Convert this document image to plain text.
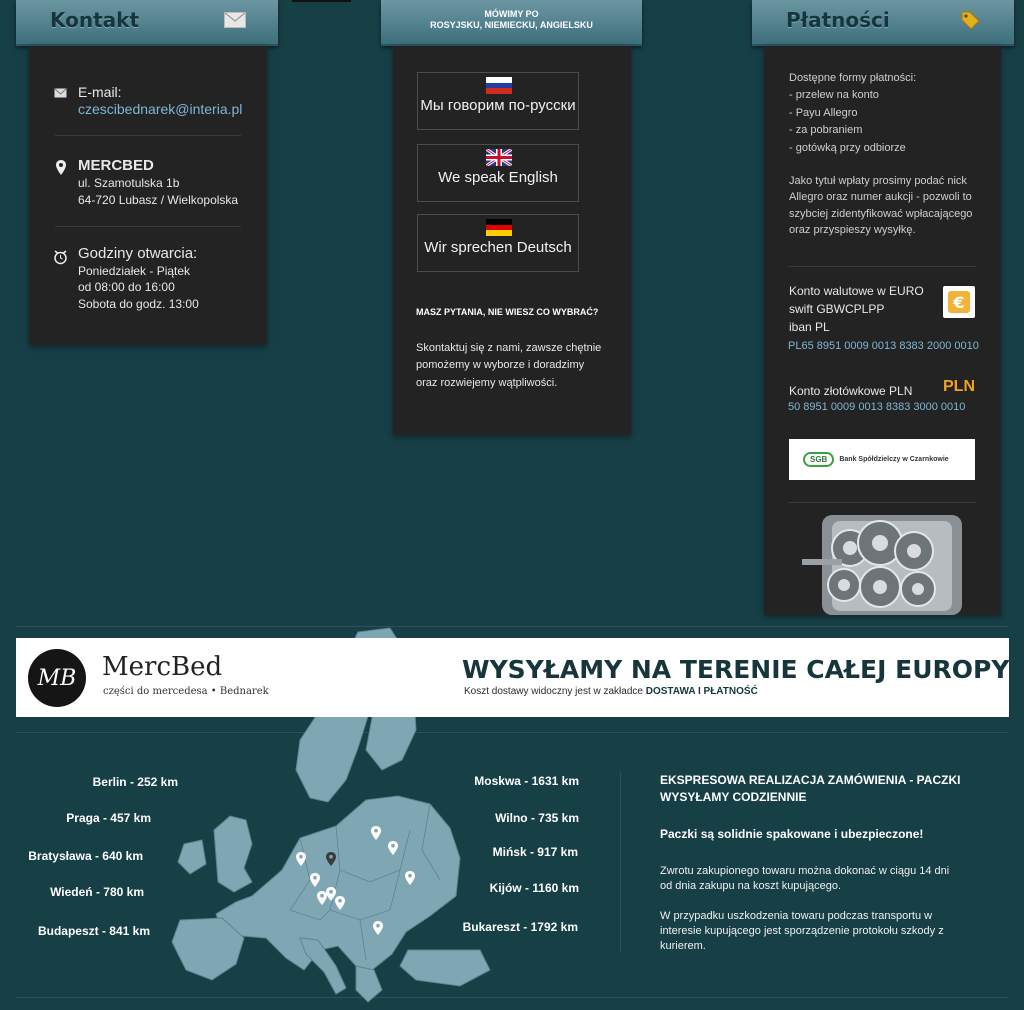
Kontakt
E-mail:
czescibednarek@interia.pl
MERCBED
ul. Szamotulska 1b
64-720 Lubasz / Wielkopolska
Godziny otwarcia:
Poniedziałek - Piątek
od 08:00 do 16:00
Sobota do godz. 13:00
MÓWIMY PO
ROSYJSKU, NIEMIECKU, ANGIELSKU
Мы говорим по-русски
We speak English
Wir sprechen Deutsch
MASZ PYTANIA, NIE WIESZ CO WYBRAĆ?
Skontaktuj się z nami, zawsze chętnie
pomożemy w wyborze i doradzimy
oraz rozwiejemy wątpliwości.
Płatności
Dostępne formy płatności:
- przelew na konto
- Payu Allegro
- za pobraniem
- gotówką przy odbiorze
Jako tytuł wpłaty prosimy podać nick
Allegro oraz numer aukcji - pozwoli to
szybciej zidentyfikować wpłacającego
oraz przyspieszy wysyłkę.
Konto walutowe w EURO
swift GBWCPLPP
iban PL
PL65 8951 0009 0013 8383 2000 0010
€
Konto złotówkowe PLN PLN
50 8951 0009 0013 8383 3000 0010
SGB	Bank Spółdzielczy w Czarnkowie
MB MercBed
części do mercedesa • Bednarek
WYSYŁAMY NA TERENIE CAŁEJ EUROPY
Koszt dostawy widoczny jest w zakładce DOSTAWA I PŁATNOŚĆ
Berlin - 252 km
Praga - 457 km
Bratysława - 640 km
Wiedeń - 780 km
Budapeszt - 841 km
Moskwa - 1631 km
Wilno - 735 km
Mińsk - 917 km
Kijów - 1160 km
Bukareszt - 1792 km
EKSPRESOWA REALIZACJA ZAMÓWIENIA - PACZKI
WYSYŁAMY CODZIENNIE
Paczki są solidnie spakowane i ubezpieczone!
Zwrotu zakupionego towaru można dokonać w ciągu 14 dni
od dnia zakupu na koszt kupującego.
W przypadku uszkodzenia towaru podczas transportu w
interesie kupującego jest sporządzenie protokołu szkody z
kurierem.
